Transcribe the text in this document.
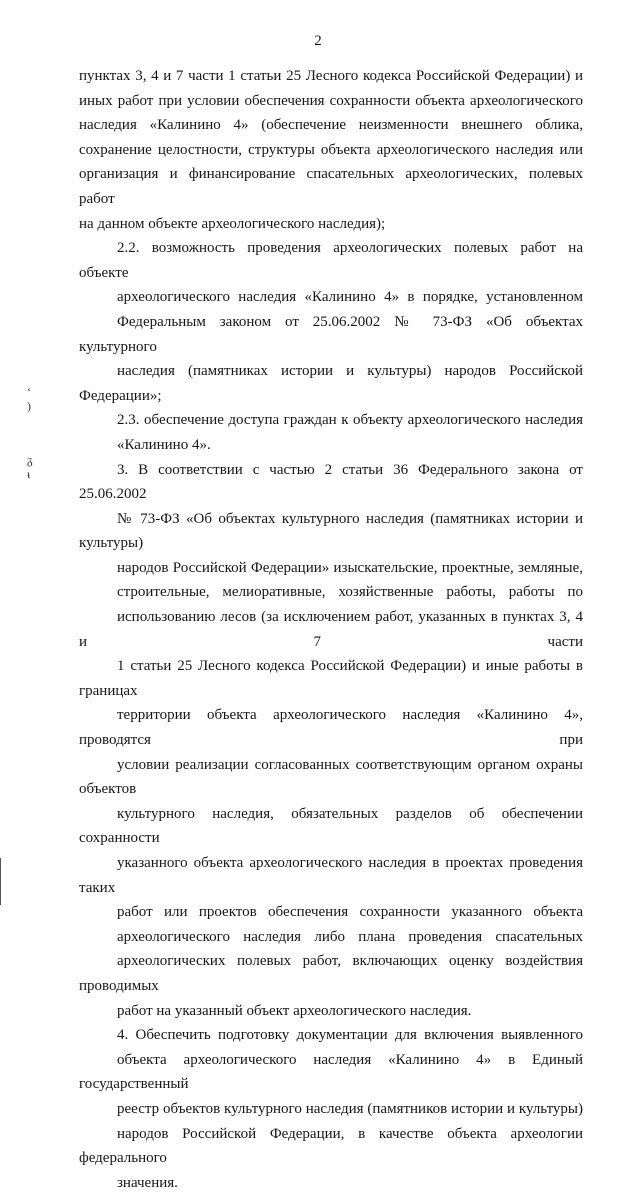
2
ʻ
)
ᵹ
ᵼ

пунктах 3, 4 и 7 части 1 статьи 25 Лесного кодекса Российской Федерации) и
иных работ при условии обеспечения сохранности объекта археологического
наследия «Калинино 4» (обеспечение неизменности внешнего облика,
сохранение целостности, структуры объекта археологического наследия или
организация и финансирование спасательных археологических, полевых работ
на данном объекте археологического наследия);

2.2. возможность проведения археологических полевых работ на объекте
археологического наследия «Калинино 4» в порядке, установленном
Федеральным законом от 25.06.2002 № 73-ФЗ «Об объектах культурного
наследия (памятниках истории и культуры) народов Российской Федерации»;

2.3. обеспечение доступа граждан к объекту археологического наследия
«Калинино 4».

3. В соответствии с частью 2 статьи 36 Федерального закона от 25.06.2002
№ 73-ФЗ «Об объектах культурного наследия (памятниках истории и культуры)
народов Российской Федерации» изыскательские, проектные, земляные,
строительные, мелиоративные, хозяйственные работы, работы по
использованию лесов (за исключением работ, указанных в пунктах 3, 4 и 7 части
1 статьи 25 Лесного кодекса Российской Федерации) и иные работы в границах
территории объекта археологического наследия «Калинино 4», проводятся при
условии реализации согласованных соответствующим органом охраны объектов
культурного наследия, обязательных разделов об обеспечении сохранности
указанного объекта археологического наследия в проектах проведения таких
работ или проектов обеспечения сохранности указанного объекта
археологического наследия либо плана проведения спасательных
археологических полевых работ, включающих оценку воздействия проводимых
работ на указанный объект археологического наследия.

4. Обеспечить подготовку документации для включения выявленного
объекта археологического наследия «Калинино 4» в Единый государственный
реестр объектов культурного наследия (памятников истории и культуры)
народов Российской Федерации, в качестве объекта археологии федерального
значения.
